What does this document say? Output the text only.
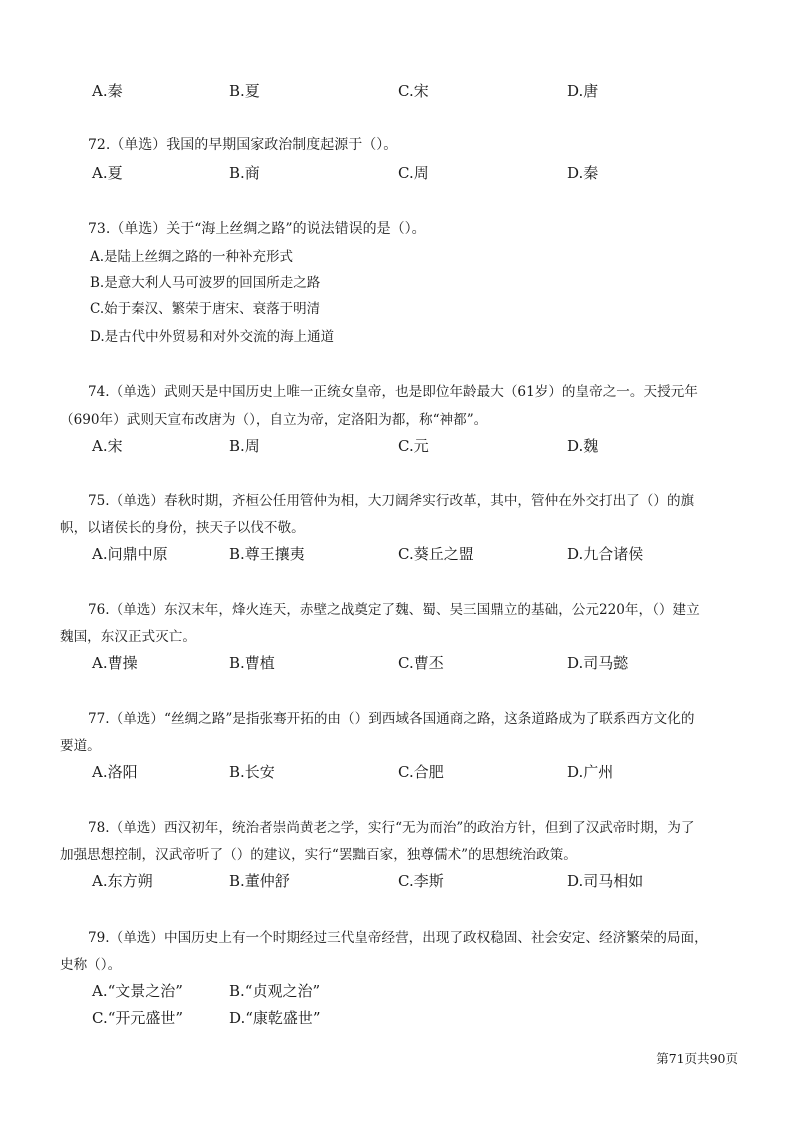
A.秦	B.夏	C.宋	D.唐
72.（单选）我国的早期国家政治制度起源于（）。
A.夏	B.商	C.周	D.秦
73.（单选）关于“海上丝绸之路”的说法错误的是（）。
A.是陆上丝绸之路的一种补充形式
B.是意大利人马可波罗的回国所走之路
C.始于秦汉、繁荣于唐宋、衰落于明清
D.是古代中外贸易和对外交流的海上通道
74.（单选）武则天是中国历史上唯一正统女皇帝，也是即位年龄最大（61岁）的皇帝之一。天授元年
（690年）武则天宣布改唐为（），自立为帝，定洛阳为都，称“神都”。
A.宋	B.周	C.元	D.魏
75.（单选）春秋时期，齐桓公任用管仲为相，大刀阔斧实行改革，其中，管仲在外交打出了（）的旗
帜，以诸侯长的身份，挟天子以伐不敬。
A.问鼎中原	B.尊王攘夷	C.葵丘之盟	D.九合诸侯
76.（单选）东汉末年，烽火连天，赤壁之战奠定了魏、蜀、吴三国鼎立的基础，公元220年，（）建立
魏国，东汉正式灭亡。
A.曹操	B.曹植	C.曹丕	D.司马懿
77.（单选）“丝绸之路”是指张骞开拓的由（）到西域各国通商之路，这条道路成为了联系西方文化的
要道。
A.洛阳	B.长安	C.合肥	D.广州
78.（单选）西汉初年，统治者崇尚黄老之学，实行“无为而治”的政治方针，但到了汉武帝时期，为了
加强思想控制，汉武帝听了（）的建议，实行“罢黜百家，独尊儒术”的思想统治政策。
A.东方朔	B.董仲舒	C.李斯	D.司马相如
79.（单选）中国历史上有一个时期经过三代皇帝经营，出现了政权稳固、社会安定、经济繁荣的局面，
史称（）。
A.“文景之治”	B.“贞观之治”
C.“开元盛世”	D.“康乾盛世”
第71页共90页
